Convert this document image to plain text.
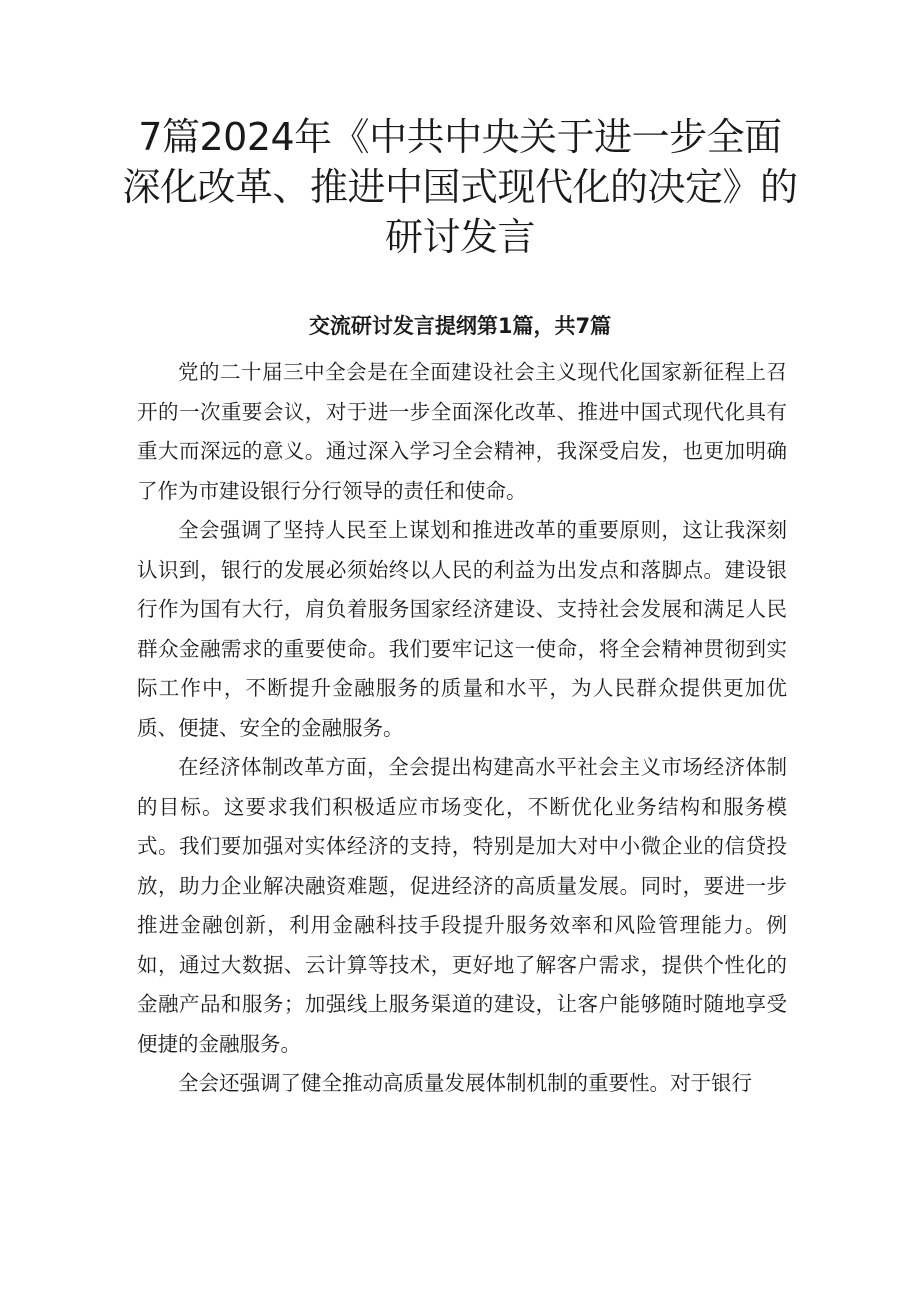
7篇2024年《中共中央关于进一步全面深化改革、推进中国式现代化的决定》的研讨发言
交流研讨发言提纲第1篇，共7篇

党的二十届三中全会是在全面建设社会主义现代化国家新征程上召开的一次重要会议，对于进一步全面深化改革、推进中国式现代化具有重大而深远的意义。通过深入学习全会精神，我深受启发，也更加明确了作为市建设银行分行领导的责任和使命。

全会强调了坚持人民至上谋划和推进改革的重要原则，这让我深刻认识到，银行的发展必须始终以人民的利益为出发点和落脚点。建设银行作为国有大行，肩负着服务国家经济建设、支持社会发展和满足人民群众金融需求的重要使命。我们要牢记这一使命，将全会精神贯彻到实际工作中，不断提升金融服务的质量和水平，为人民群众提供更加优质、便捷、安全的金融服务。

在经济体制改革方面，全会提出构建高水平社会主义市场经济体制的目标。这要求我们积极适应市场变化，不断优化业务结构和服务模式。我们要加强对实体经济的支持，特别是加大对中小微企业的信贷投放，助力企业解决融资难题，促进经济的高质量发展。同时，要进一步推进金融创新，利用金融科技手段提升服务效率和风险管理能力。例如，通过大数据、云计算等技术，更好地了解客户需求，提供个性化的金融产品和服务；加强线上服务渠道的建设，让客户能够随时随地享受便捷的金融服务。

全会还强调了健全推动高质量发展体制机制的重要性。对于银行
